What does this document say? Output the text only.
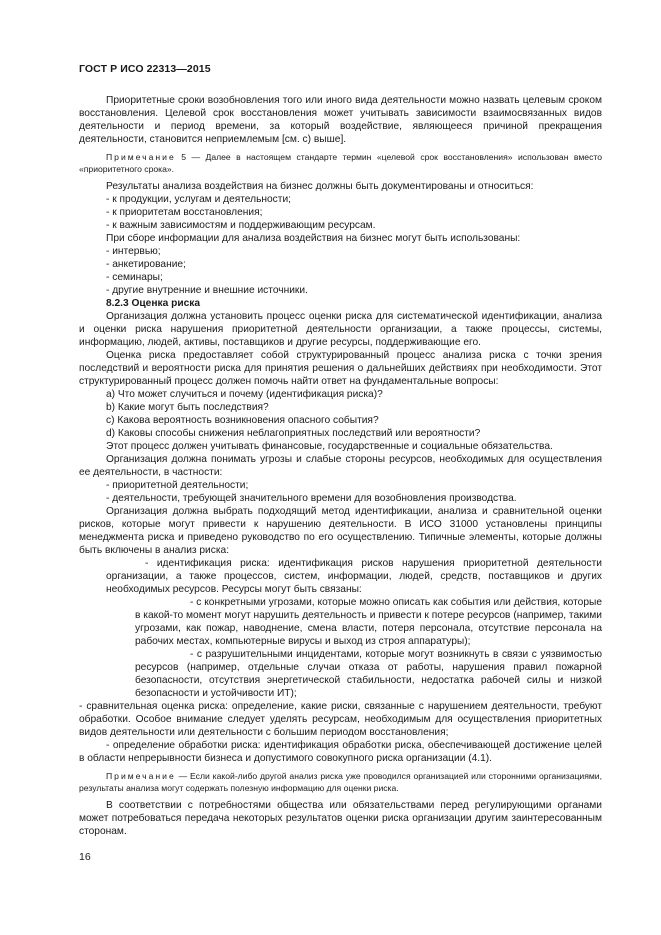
ГОСТ Р ИСО 22313—2015

Приоритетные сроки возобновления того или иного вида деятельности можно назвать целевым сроком восстановления. Целевой срок восстановления может учитывать зависимости взаимосвязанных видов деятельности и период времени, за который воздействие, являющееся причиной прекращения деятельности, становится неприемлемым [см. с) выше].

Примечание 5 — Далее в настоящем стандарте термин «целевой срок восстановления» использован вместо «приоритетного срока».

Результаты анализа воздействия на бизнес должны быть документированы и относиться:

- к продукции, услугам и деятельности;

- к приоритетам восстановления;

- к важным зависимостям и поддерживающим ресурсам.

При сборе информации для анализа воздействия на бизнес могут быть использованы:

- интервью;

- анкетирование;

- семинары;

- другие внутренние и внешние источники.

8.2.3 Оценка риска

Организация должна установить процесс оценки риска для систематической идентификации, анализа и оценки риска нарушения приоритетной деятельности организации, а также процессы, системы, информацию, людей, активы, поставщиков и другие ресурсы, поддерживающие его.

Оценка риска предоставляет собой структурированный процесс анализа риска с точки зрения последствий и вероятности риска для принятия решения о дальнейших действиях при необходимости. Этот структурированный процесс должен помочь найти ответ на фундаментальные вопросы:

a) Что может случиться и почему (идентификация риска)?

b) Какие могут быть последствия?

c) Какова вероятность возникновения опасного события?

d) Каковы способы снижения неблагоприятных последствий или вероятности?

Этот процесс должен учитывать финансовые, государственные и социальные обязательства.

Организация должна понимать угрозы и слабые стороны ресурсов, необходимых для осуществления ее деятельности, в частности:

- приоритетной деятельности;

- деятельности, требующей значительного времени для возобновления производства.

Организация должна выбрать подходящий метод идентификации, анализа и сравнительной оценки рисков, которые могут привести к нарушению деятельности. В ИСО 31000 установлены принципы менеджмента риска и приведено руководство по его осуществлению. Типичные элементы, которые должны быть включены в анализ риска:

- идентификация риска: идентификация рисков нарушения приоритетной деятельности организации, а также процессов, систем, информации, людей, средств, поставщиков и других необходимых ресурсов. Ресурсы могут быть связаны:

- с конкретными угрозами, которые можно описать как события или действия, которые в какой-то момент могут нарушить деятельность и привести к потере ресурсов (например, такими угрозами, как пожар, наводнение, смена власти, потеря персонала, отсутствие персонала на рабочих местах, компьютерные вирусы и выход из строя аппаратуры);

- с разрушительными инцидентами, которые могут возникнуть в связи с уязвимостью ресурсов (например, отдельные случаи отказа от работы, нарушения правил пожарной безопасности, отсутствия энергетической стабильности, недостатка рабочей силы и низкой безопасности и устойчивости ИТ);

- сравнительная оценка риска: определение, какие риски, связанные с нарушением деятельности, требуют обработки. Особое внимание следует уделять ресурсам, необходимым для осуществления приоритетных видов деятельности или деятельности с большим периодом восстановления;

- определение обработки риска: идентификация обработки риска, обеспечивающей достижение целей в области непрерывности бизнеса и допустимого совокупного риска организации (4.1).

Примечание — Если какой-либо другой анализ риска уже проводился организацией или сторонними организациями, результаты анализа могут содержать полезную информацию для оценки риска.

В соответствии с потребностями общества или обязательствами перед регулирующими органами может потребоваться передача некоторых результатов оценки риска организации другим заинтересованным сторонам.

16
